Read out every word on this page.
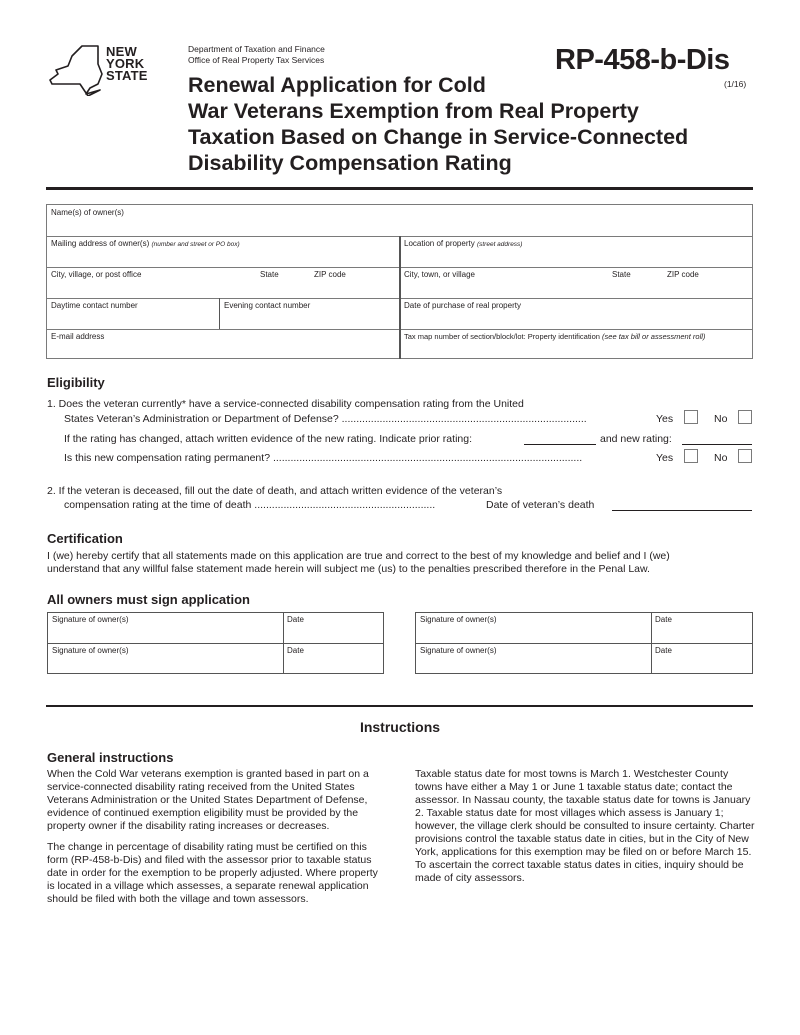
NEW
YORK
STATE
Department of Taxation and Finance
Office of Real Property Tax Services	RP-458-b-Dis
(1/16)
Renewal Application for Cold
War Veterans Exemption from Real Property
Taxation Based on Change in Service-Connected
Disability Compensation Rating
Name(s) of owner(s)
Mailing address of owner(s) (number and street or PO box)	Location of property (street address)
City, village, or post office	State	ZIP code	City, town, or village	State	ZIP code
Daytime contact number	Evening contact number	Date of purchase of real property
E-mail address	Tax map number of section/block/lot: Property identification (see tax bill or assessment roll)
Eligibility
1. Does the veteran currently* have a service-connected disability compensation rating from the United
States Veteran’s Administration or Department of Defense? ....................................................................................	Yes	No
If the rating has changed, attach written evidence of the new rating. Indicate prior rating:	and new rating:
Is this new compensation rating permanent? ..........................................................................................................	Yes	No
2. If the veteran is deceased, fill out the date of death, and attach written evidence of the veteran’s
compensation rating at the time of death ..............................................................	Date of veteran’s death
Certification
I (we) hereby certify that all statements made on this application are true and correct to the best of my knowledge and belief and I (we)
understand that any willful false statement made herein will subject me (us) to the penalties prescribed therefore in the Penal Law.
All owners must sign application
Signature of owner(s)	Date
Signature of owner(s)	Date
Signature of owner(s)	Date
Signature of owner(s)	Date
Instructions
General instructions

When the Cold War veterans exemption is granted based in part on a service-connected disability rating received from the United States Veterans Administration or the United States Department of Defense, evidence of continued exemption eligibility must be provided by the property owner if the disability rating increases or decreases.

The change in percentage of disability rating must be certified on this form (RP-458-b-Dis) and filed with the assessor prior to taxable status date in order for the exemption to be properly adjusted. Where property is located in a village which assesses, a separate renewal application should be filed with both the village and town assessors.

Taxable status date for most towns is March 1. Westchester County towns have either a May 1 or June 1 taxable status date; contact the assessor. In Nassau county, the taxable status date for towns is January 2. Taxable status date for most villages which assess is January 1; however, the village clerk should be consulted to insure certainty. Charter provisions control the taxable status date in cities, but in the City of New York, applications for this exemption may be filed on or before March 15. To ascertain the correct taxable status dates in cities, inquiry should be made of city assessors.
